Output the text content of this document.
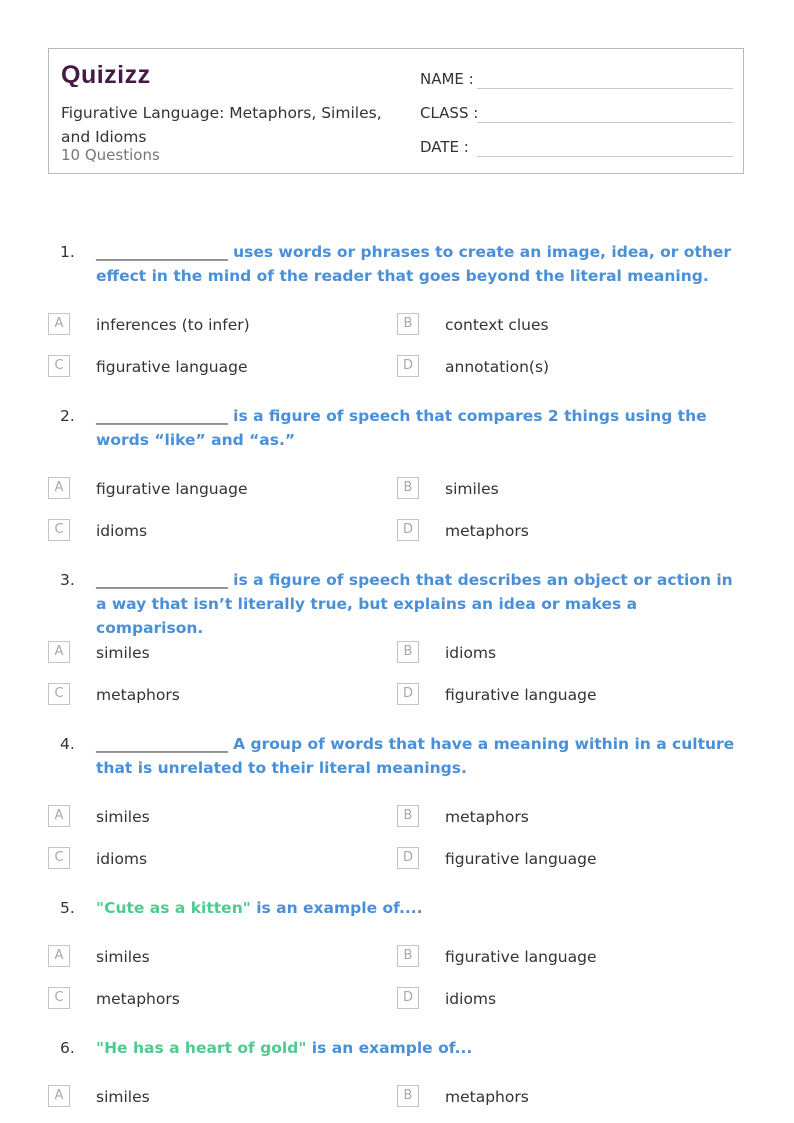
Quizizz
Figurative Language: Metaphors, Similes, and Idioms
10 Questions
NAME :
CLASS :
DATE :
1. _________________ uses words or phrases to create an image, idea, or other effect in the mind of the reader that goes beyond the literal meaning.
A	inferences (to infer)	B	context clues
C	figurative language	D	annotation(s)
2. _________________ is a figure of speech that compares 2 things using the words “like” and “as.”
A	figurative language	B	similes
C	idioms	D	metaphors
3. _________________ is a figure of speech that describes an object or action in a way that isn’t literally true, but explains an idea or makes a comparison.
A	similes	B	idioms
C	metaphors	D	figurative language
4. _________________ A group of words that have a meaning within in a culture that is unrelated to their literal meanings.
A	similes	B	metaphors
C	idioms	D	figurative language
5. "Cute as a kitten" is an example of....
A	similes	B	figurative language
C	metaphors	D	idioms
6. "He has a heart of gold" is an example of...
A	similes	B	metaphors
